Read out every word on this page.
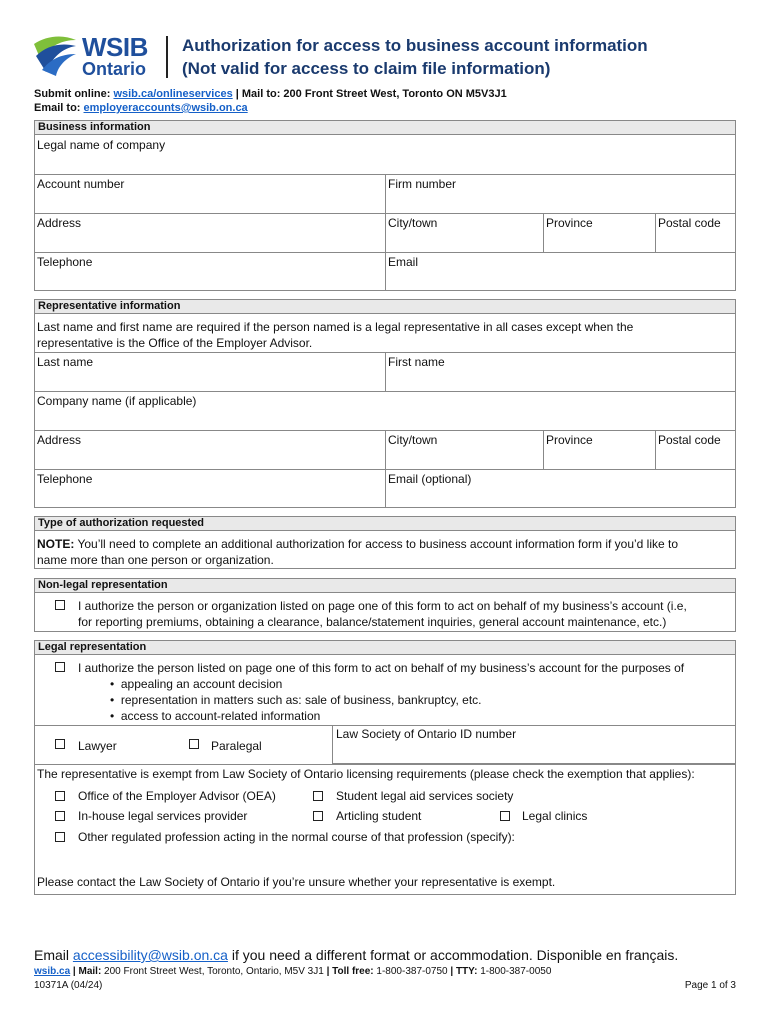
WSIB
Ontario
Authorization for access to business account information
(Not valid for access to claim file information)
Submit online: wsib.ca/onlineservices | Mail to: 200 Front Street West, Toronto ON M5V3J1
Email to: employeraccounts@wsib.on.ca
Business information
Legal name of company
Account number	Firm number
Address	City/town	Province	Postal code
Telephone	Email
Representative information
Last name and first name are required if the person named is a legal representative in all cases except when the
representative is the Office of the Employer Advisor.
Last name	First name
Company name (if applicable)
Address	City/town	Province	Postal code
Telephone	Email (optional)
Type of authorization requested
NOTE: You’ll need to complete an additional authorization for access to business account information form if you’d like to
name more than one person or organization.
Non-legal representation
I authorize the person or organization listed on page one of this form to act on behalf of my business’s account (i.e,
for reporting premiums, obtaining a clearance, balance/statement inquiries, general account maintenance, etc.)
Legal representation
I authorize the person listed on page one of this form to act on behalf of my business’s account for the purposes of
•  appealing an account decision
•  representation in matters such as: sale of business, bankruptcy, etc.
•  access to account-related information
Law Society of Ontario ID number
Lawyer	Paralegal
The representative is exempt from Law Society of Ontario licensing requirements (please check the exemption that applies):
Office of the Employer Advisor (OEA)	Student legal aid services society
In-house legal services provider	Articling student	Legal clinics
Other regulated profession acting in the normal course of that profession (specify):
Please contact the Law Society of Ontario if you’re unsure whether your representative is exempt.
Email accessibility@wsib.on.ca if you need a different format or accommodation. Disponible en français.
wsib.ca | Mail: 200 Front Street West, Toronto, Ontario, M5V 3J1 | Toll free: 1-800-387-0750 | TTY: 1-800-387-0050
10371A (04/24)	Page 1 of 3
